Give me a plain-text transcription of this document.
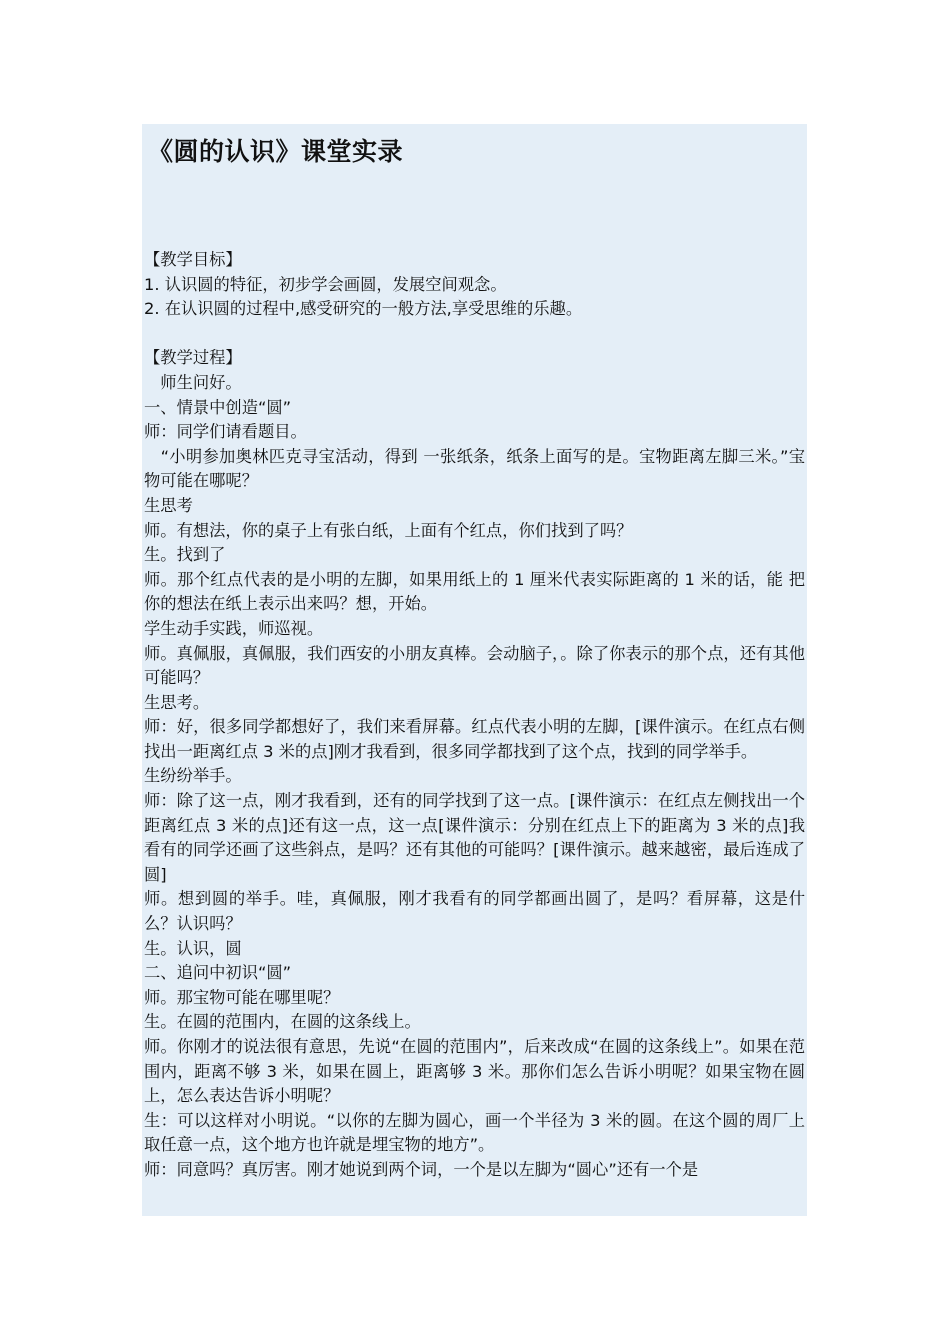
《圆的认识》课堂实录
【教学目标】
1. 认识圆的特征，初步学会画圆，发展空间观念。
2. 在认识圆的过程中,感受研究的一般方法,享受思维的乐趣。
【教学过程】
　师生问好。
一、情景中创造“圆”
师：同学们请看题目。
　“小明参加奥林匹克寻宝活动，得到 一张纸条，纸条上面写的是。宝物距离左脚三米。”宝物可能在哪呢？
生思考
师。有想法，你的桌子上有张白纸，上面有个红点，你们找到了吗？
生。找到了
师。那个红点代表的是小明的左脚，如果用纸上的 1 厘米代表实际距离的 1 米的话，能 把你的想法在纸上表示出来吗？想，开始。
学生动手实践，师巡视。
师。真佩服，真佩服，我们西安的小朋友真棒。会动脑子，。除了你表示的那个点，还有其他可能吗？
生思考。
师：好，很多同学都想好了，我们来看屏幕。红点代表小明的左脚，[课件演示。在红点右侧找出一距离红点 3 米的点]刚才我看到，很多同学都找到了这个点，找到的同学举手。
生纷纷举手。
师：除了这一点，刚才我看到，还有的同学找到了这一点。[课件演示：在红点左侧找出一个距离红点 3 米的点]还有这一点，这一点[课件演示：分别在红点上下的距离为 3 米的点]我看有的同学还画了这些斜点，是吗？还有其他的可能吗？[课件演示。越来越密，最后连成了圆]
师。想到圆的举手。哇，真佩服，刚才我看有的同学都画出圆了，是吗？看屏幕，这是什么？认识吗？
生。认识，圆
二、追问中初识“圆”
师。那宝物可能在哪里呢？
生。在圆的范围内，在圆的这条线上。
师。你刚才的说法很有意思，先说“在圆的范围内”，后来改成“在圆的这条线上”。如果在范围内，距离不够 3 米，如果在圆上，距离够 3 米。那你们怎么告诉小明呢？如果宝物在圆上，怎么表达告诉小明呢？
生：可以这样对小明说。“以你的左脚为圆心，画一个半径为 3 米的圆。在这个圆的周厂上取任意一点，这个地方也许就是埋宝物的地方”。
师：同意吗？真厉害。刚才她说到两个词，一个是以左脚为“圆心”还有一个是
